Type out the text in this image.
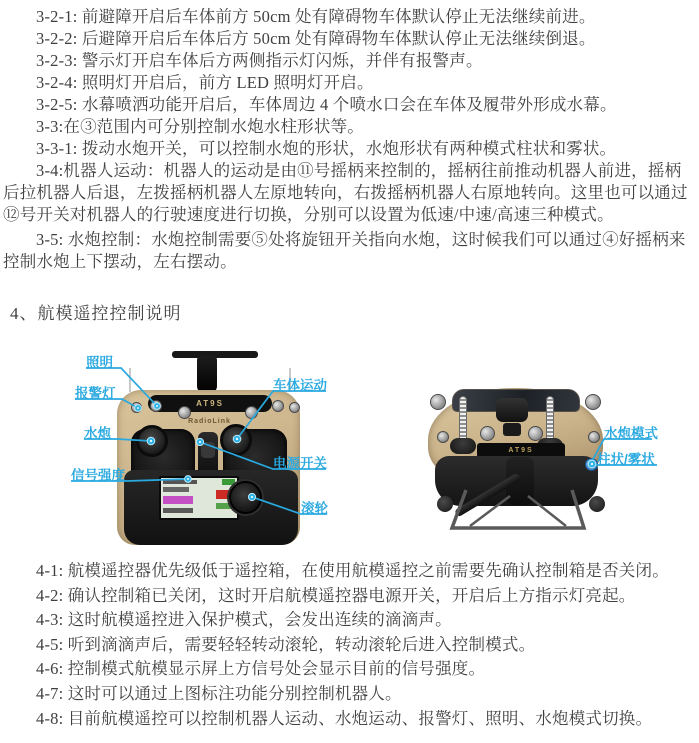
3-2-1: 前避障开启后车体前方 50cm 处有障碍物车体默认停止无法继续前进。
3-2-2: 后避障开启后车体后方 50cm 处有障碍物车体默认停止无法继续倒退。
3-2-3: 警示灯开启车体后方两侧指示灯闪烁，并伴有报警声。
3-2-4: 照明灯开启后，前方 LED 照明灯开启。
3-2-5: 水幕喷洒功能开启后，车体周边 4 个喷水口会在车体及履带外形成水幕。
3-3:在③范围内可分别控制水炮水柱形状等。
3-3-1: 拨动水炮开关，可以控制水炮的形状，水炮形状有两种模式柱状和雾状。

3-4:机器人运动：机器人的运动是由⑪号摇柄来控制的，摇柄往前推动机器人前进，摇柄后拉机器人后退，左拨摇柄机器人左原地转向，右拨摇柄机器人右原地转向。这里也可以通过⑫号开关对机器人的行驶速度进行切换，分别可以设置为低速/中速/高速三种模式。

3-5: 水炮控制：水炮控制需要⑤处将旋钮开关指向水炮，这时候我们可以通过④好摇柄来控制水炮上下摆动，左右摆动。

4、航模遥控控制说明
AT9S
RadioLink
AT9S
照明
报警灯
水炮
信号强度
车体运动
电源开关
滚轮
水炮模式
柱状/雾状
4-1: 航模遥控器优先级低于遥控箱，在使用航模遥控之前需要先确认控制箱是否关闭。
4-2: 确认控制箱已关闭，这时开启航模遥控器电源开关，开启后上方指示灯亮起。
4-3: 这时航模遥控进入保护模式，会发出连续的滴滴声。
4-5: 听到滴滴声后，需要轻轻转动滚轮，转动滚轮后进入控制模式。
4-6: 控制模式航模显示屏上方信号处会显示目前的信号强度。
4-7: 这时可以通过上图标注功能分别控制机器人。
4-8: 目前航模遥控可以控制机器人运动、水炮运动、报警灯、照明、水炮模式切换。
